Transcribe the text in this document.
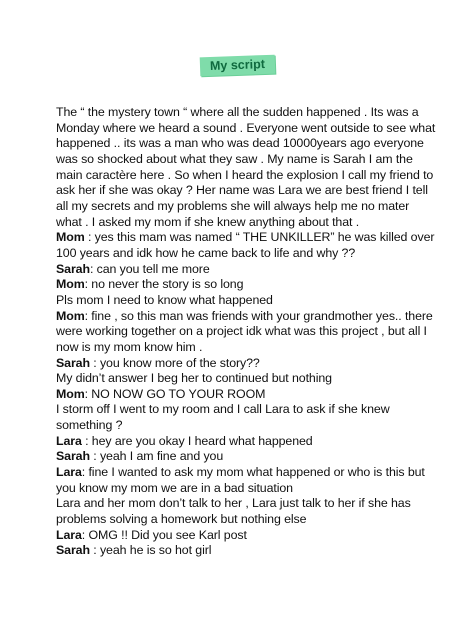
My script

The “ the mystery town “ where all the sudden happened . Its was a Monday where we heard a sound . Everyone went outside to see what happened .. its was a man who was dead 10000years ago everyone was so shocked about what they saw . My name is Sarah I am the main caractère here . So when I heard the explosion I call my friend to ask her if she was okay ? Her name was Lara we are best friend I tell all my secrets and my problems she will always help me no mater what . I asked my mom if she knew anything about that .

Mom : yes this mam was named “ THE UNKILLER” he was killed over 100 years and idk how he came back to life and why ??

Sarah: can you tell me more

Mom: no never the story is so long

Pls mom I need to know what happened

Mom: fine , so this man was friends with your grandmother yes.. there were working together on a project idk what was this project , but all I now is my mom know him .

Sarah : you know more of the story??

My didn’t answer I beg her to continued but nothing

Mom: NO NOW GO TO YOUR ROOM

I storm off I went to my room and I call Lara to ask if she knew something ?

Lara : hey are you okay I heard what happened

Sarah : yeah I am fine and you

Lara: fine I wanted to ask my mom what happened or who is this but you know my mom we are in a bad situation

Lara and her mom don’t talk to her , Lara just talk to her if she has problems solving a homework but nothing else

Lara: OMG !! Did you see Karl post

Sarah : yeah he is so hot girl
